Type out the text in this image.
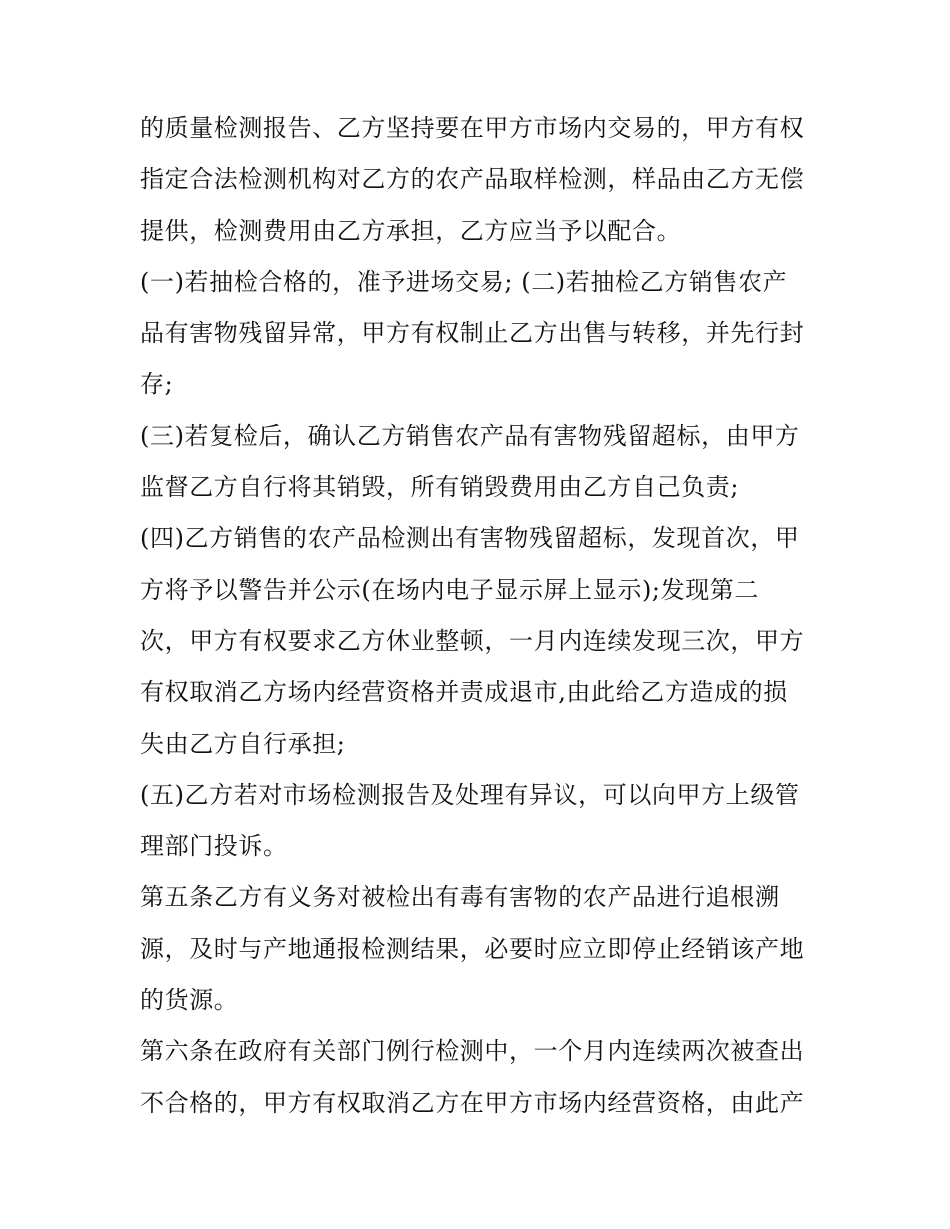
的质量检测报告、乙方坚持要在甲方市场内交易的，甲方有权
指定合法检测机构对乙方的农产品取样检测，样品由乙方无偿
提供，检测费用由乙方承担，乙方应当予以配合。
(一)若抽检合格的，准予进场交易; (二)若抽检乙方销售农产
品有害物残留异常，甲方有权制止乙方出售与转移，并先行封
存;
(三)若复检后，确认乙方销售农产品有害物残留超标，由甲方
监督乙方自行将其销毁，所有销毁费用由乙方自己负责;
(四)乙方销售的农产品检测出有害物残留超标，发现首次，甲
方将予以警告并公示(在场内电子显示屏上显示);发现第二
次，甲方有权要求乙方休业整顿，一月内连续发现三次，甲方
有权取消乙方场内经营资格并责成退市,由此给乙方造成的损
失由乙方自行承担;
(五)乙方若对市场检测报告及处理有异议，可以向甲方上级管
理部门投诉。
第五条乙方有义务对被检出有毒有害物的农产品进行追根溯
源，及时与产地通报检测结果，必要时应立即停止经销该产地
的货源。
第六条在政府有关部门例行检测中，一个月内连续两次被查出
不合格的，甲方有权取消乙方在甲方市场内经营资格，由此产
